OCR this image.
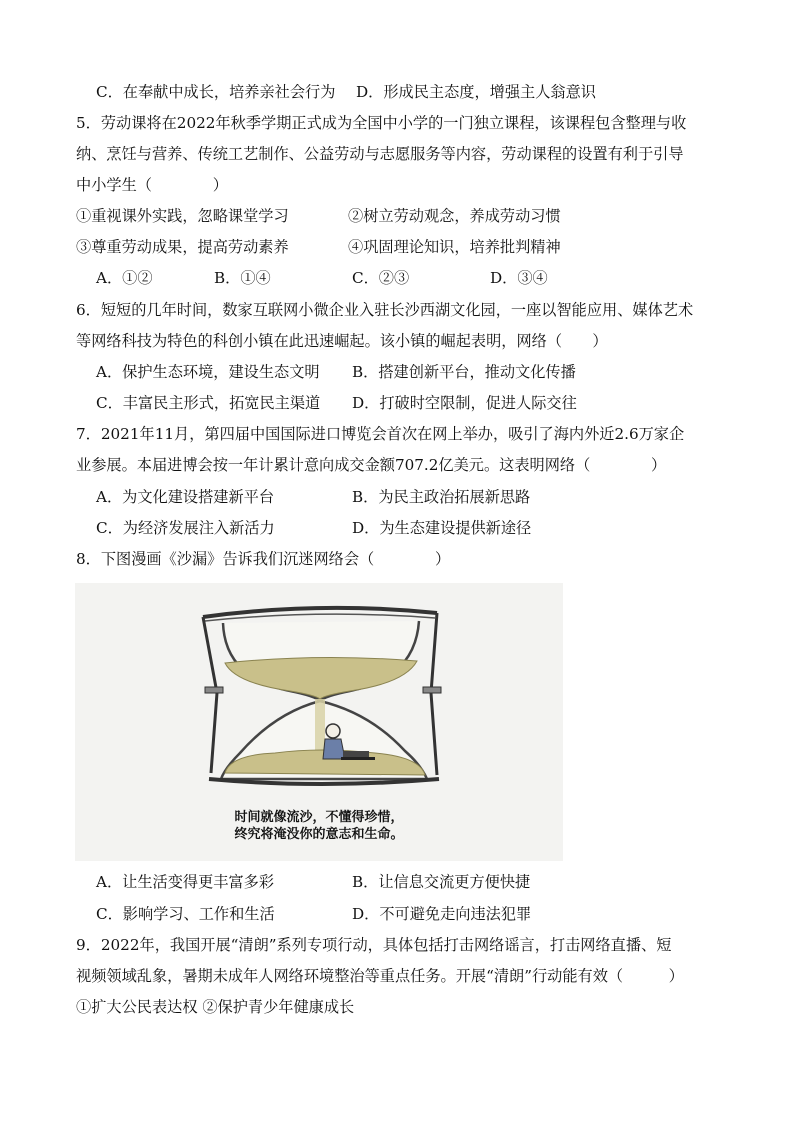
C．在奉献中成长，培养亲社会行为 D．形成民主态度，增强主人翁意识
5．劳动课将在2022年秋季学期正式成为全国中小学的一门独立课程，该课程包含整理与收
纳、烹饪与营养、传统工艺制作、公益劳动与志愿服务等内容，劳动课程的设置有利于引导
中小学生（　　　　）
①重视课外实践，忽略课堂学习	②树立劳动观念，养成劳动习惯
③尊重劳动成果，提高劳动素养	④巩固理论知识，培养批判精神
A．①②	B．①④	C．②③	D．③④
6．短短的几年时间，数家互联网小微企业入驻长沙西湖文化园，一座以智能应用、媒体艺术
等网络科技为特色的科创小镇在此迅速崛起。该小镇的崛起表明，网络（　　）
A．保护生态环境，建设生态文明 B．搭建创新平台，推动文化传播
C．丰富民主形式，拓宽民主渠道 D．打破时空限制，促进人际交往
7．2021年11月，第四届中国国际进口博览会首次在网上举办，吸引了海内外近2.6万家企
业参展。本届进博会按一年计累计意向成交金额707.2亿美元。这表明网络（　　　　）
A．为文化建设搭建新平台	B．为民主政治拓展新思路
C．为经济发展注入新活力	D．为生态建设提供新途径
8．下图漫画《沙漏》告诉我们沉迷网络会（　　　　）
时间就像流沙，不懂得珍惜，
终究将淹没你的意志和生命。
A．让生活变得更丰富多彩	B．让信息交流更方便快捷
C．影响学习、工作和生活	D．不可避免走向违法犯罪
9．2022年，我国开展“清朗”系列专项行动，具体包括打击网络谣言，打击网络直播、短
视频领域乱象，暑期未成年人网络环境整治等重点任务。开展“清朗”行动能有效（　　　）
①扩大公民表达权 ②保护青少年健康成长
